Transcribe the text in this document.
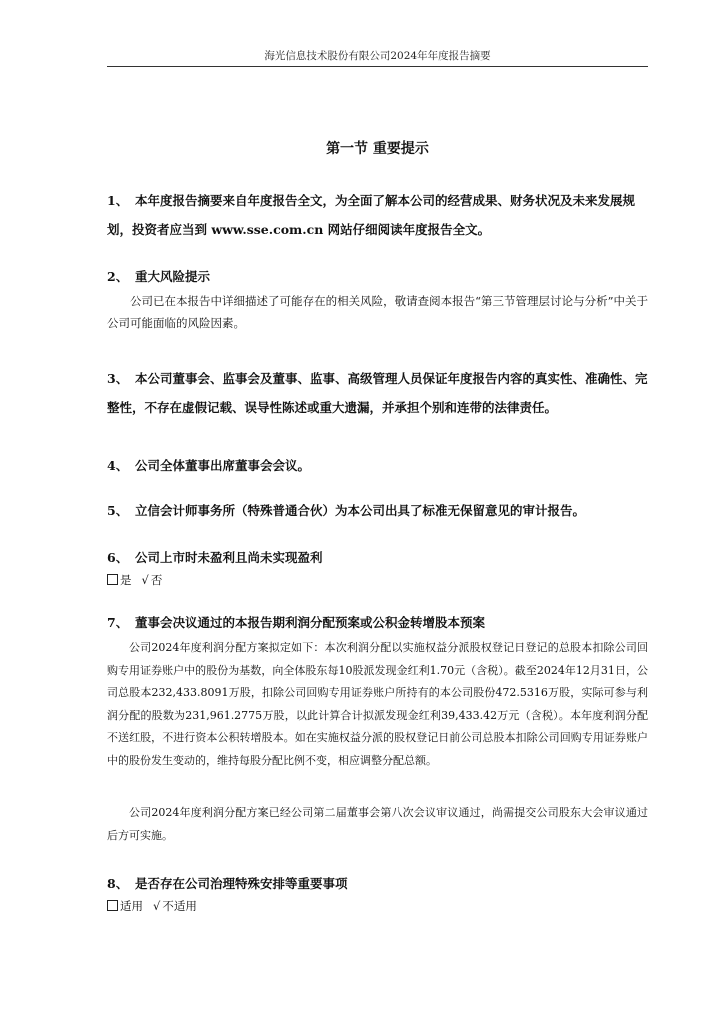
海光信息技术股份有限公司2024年年度报告摘要
第一节 重要提示
1、 本年度报告摘要来自年度报告全文，为全面了解本公司的经营成果、财务状况及未来发展规划，投资者应当到 www.sse.com.cn 网站仔细阅读年度报告全文。
2、 重大风险提示
公司已在本报告中详细描述了可能存在的相关风险，敬请查阅本报告“第三节管理层讨论与分析”中关于公司可能面临的风险因素。
3、 本公司董事会、监事会及董事、监事、高级管理人员保证年度报告内容的真实性、准确性、完整性，不存在虚假记载、误导性陈述或重大遗漏，并承担个别和连带的法律责任。
4、 公司全体董事出席董事会会议。
5、 立信会计师事务所（特殊普通合伙）为本公司出具了标准无保留意见的审计报告。
6、 公司上市时未盈利且尚未实现盈利
是 √ 否
7、 董事会决议通过的本报告期利润分配预案或公积金转增股本预案
公司2024年度利润分配方案拟定如下：本次利润分配以实施权益分派股权登记日登记的总股本扣除公司回购专用证券账户中的股份为基数，向全体股东每10股派发现金红利1.70元（含税）。截至2024年12月31日，公司总股本232,433.8091万股，扣除公司回购专用证券账户所持有的本公司股份472.5316万股，实际可参与利润分配的股数为231,961.2775万股，以此计算合计拟派发现金红利39,433.42万元（含税）。本年度利润分配不送红股，不进行资本公积转增股本。如在实施权益分派的股权登记日前公司总股本扣除公司回购专用证券账户中的股份发生变动的，维持每股分配比例不变，相应调整分配总额。
公司2024年度利润分配方案已经公司第二届董事会第八次会议审议通过，尚需提交公司股东大会审议通过后方可实施。
8、 是否存在公司治理特殊安排等重要事项
适用 √ 不适用
